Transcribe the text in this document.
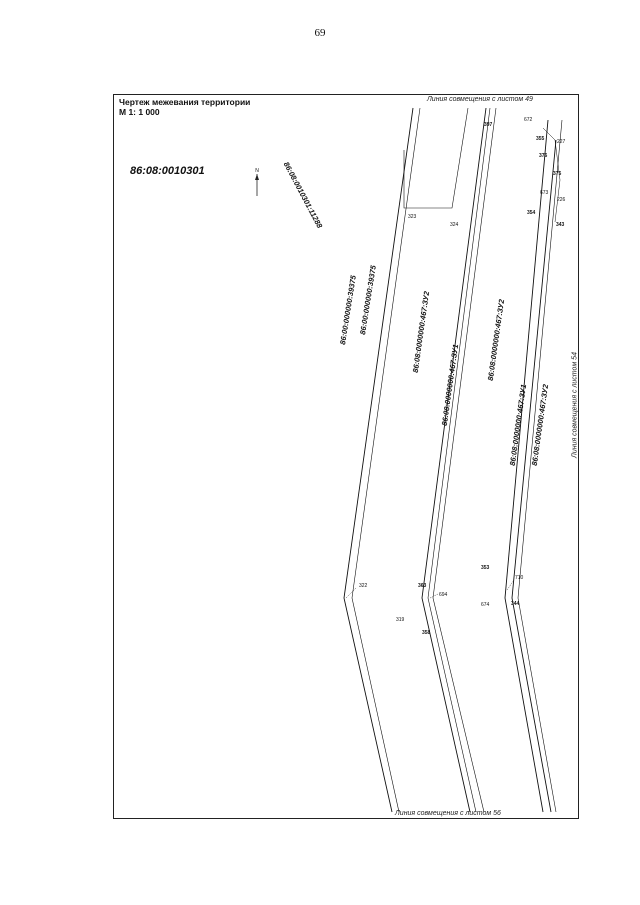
69
Чертеж межевания территории
М 1: 1 000
Линия совмещения с листом 49
Линия совмещения с листом 56
Линия совмещения с листом 54
86:08:0010301	N	86:08:0010301:11288
86:00:000000:39375 86:00:000000:39375	86:08:0000000:467:ЗУ2
86:08:0000000:467:ЗУ1
86:08:0000000:467:ЗУ2
86:08:0000000:467:ЗУ1 86:08:0000000:467:ЗУ2
323
324
397
672
355	227
376
375
673
226
354
343
322	363
694
319
358
353
710
674	344
